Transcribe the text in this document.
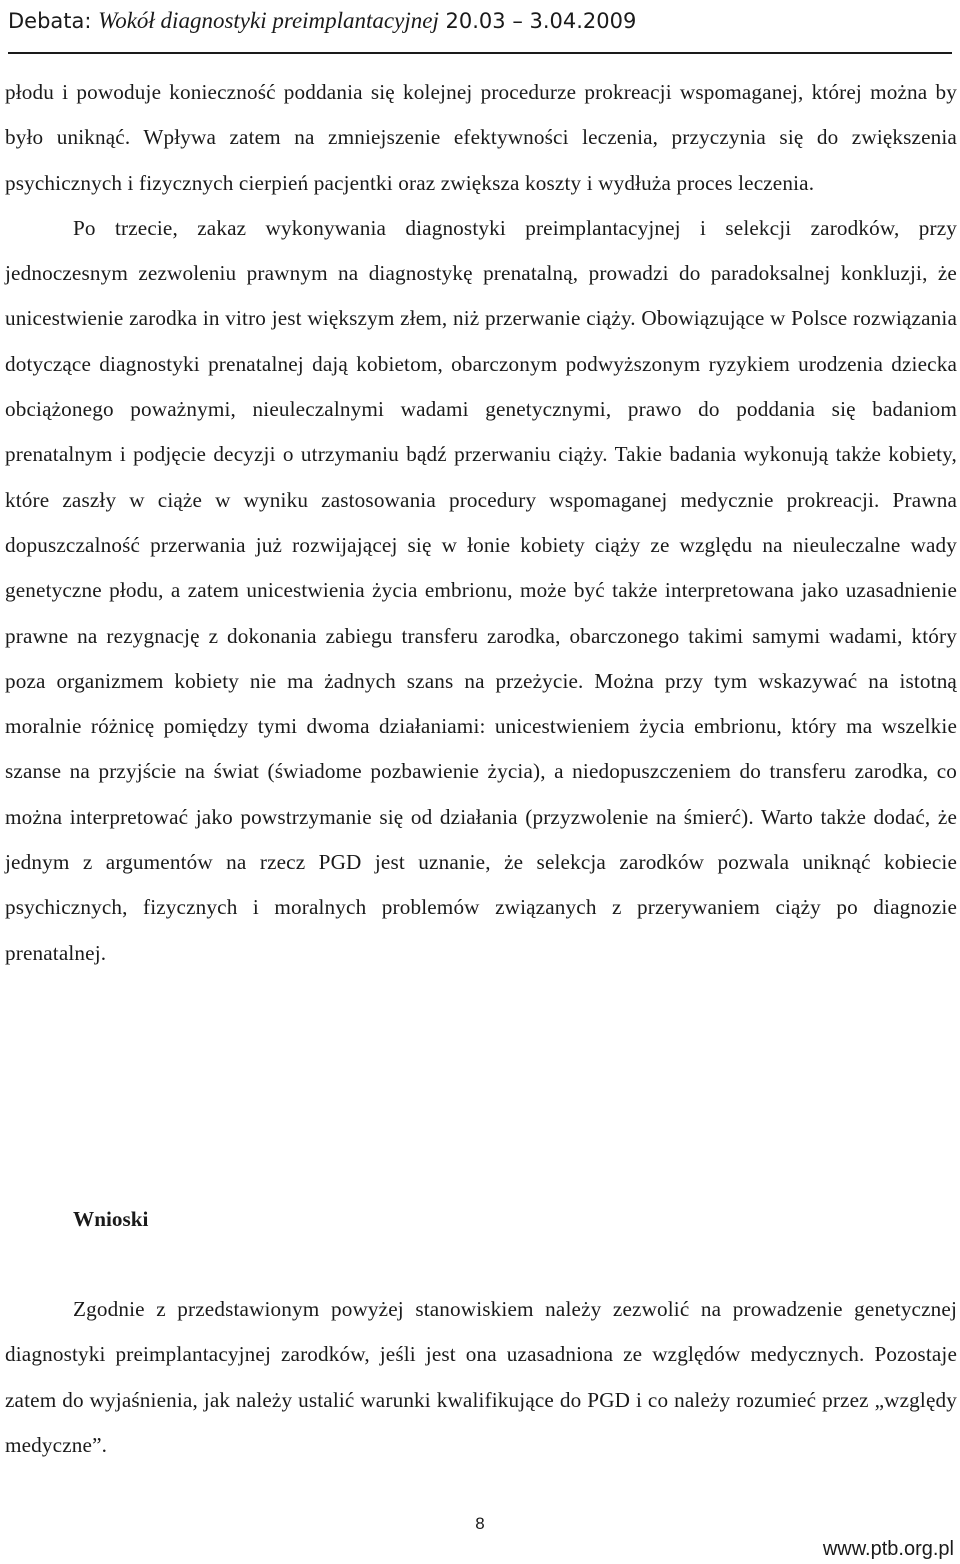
Debata: Wokół diagnostyki preimplantacyjnej 20.03 – 3.04.2009

płodu i powoduje konieczność poddania się kolejnej procedurze prokreacji wspomaganej, której można by było uniknąć. Wpływa zatem na zmniejszenie efektywności leczenia, przyczynia się do zwiększenia psychicznych i fizycznych cierpień pacjentki oraz zwiększa koszty i wydłuża proces leczenia.

Po trzecie, zakaz wykonywania diagnostyki preimplantacyjnej i selekcji zarodków, przy jednoczesnym zezwoleniu prawnym na diagnostykę prenatalną, prowadzi do paradoksalnej konkluzji, że unicestwienie zarodka in vitro jest większym złem, niż przerwanie ciąży. Obowiązujące w Polsce rozwiązania dotyczące diagnostyki prenatalnej dają kobietom, obarczonym podwyższonym ryzykiem urodzenia dziecka obciążonego poważnymi, nieuleczalnymi wadami genetycznymi, prawo do poddania się badaniom prenatalnym i podjęcie decyzji o utrzymaniu bądź przerwaniu ciąży. Takie badania wykonują także kobiety, które zaszły w ciąże w wyniku zastosowania procedury wspomaganej medycznie prokreacji. Prawna dopuszczalność przerwania już rozwijającej się w łonie kobiety ciąży ze względu na nieuleczalne wady genetyczne płodu, a zatem unicestwienia życia embrionu, może być także interpretowana jako uzasadnienie prawne na rezygnację z dokonania zabiegu transferu zarodka, obarczonego takimi samymi wadami, który poza organizmem kobiety nie ma żadnych szans na przeżycie. Można przy tym wskazywać na istotną moralnie różnicę pomiędzy tymi dwoma działaniami: unicestwieniem życia embrionu, który ma wszelkie szanse na przyjście na świat (świadome pozbawienie życia), a niedopuszczeniem do transferu zarodka, co można interpretować jako powstrzymanie się od działania (przyzwolenie na śmierć). Warto także dodać, że jednym z argumentów na rzecz PGD jest uznanie, że selekcja zarodków pozwala uniknąć kobiecie psychicznych, fizycznych i moralnych problemów związanych z przerywaniem ciąży po diagnozie prenatalnej.

Wnioski

Zgodnie z przedstawionym powyżej stanowiskiem należy zezwolić na prowadzenie genetycznej diagnostyki preimplantacyjnej zarodków, jeśli jest ona uzasadniona ze względów medycznych. Pozostaje zatem do wyjaśnienia, jak należy ustalić warunki kwalifikujące do PGD i co należy rozumieć przez „względy medyczne”.

8
www.ptb.org.pl
